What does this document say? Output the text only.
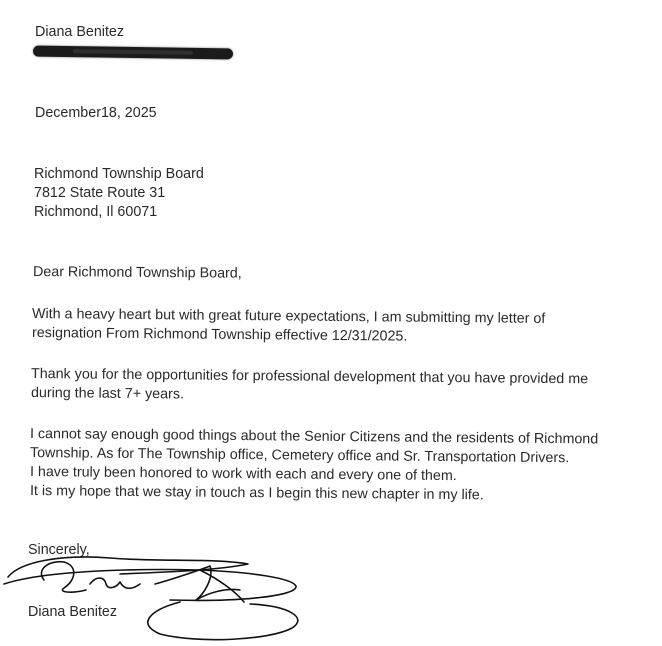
Diana Benitez
December18, 2025
Richmond Township Board
7812 State Route 31
Richmond, Il 60071
Dear Richmond Township Board,
With a heavy heart but with great future expectations, I am submitting my letter of
resignation From Richmond Township effective 12/31/2025.
Thank you for the opportunities for professional development that you have provided me
during the last 7+ years.
I cannot say enough good things about the Senior Citizens and the residents of Richmond
Township. As for The Township office, Cemetery office and Sr. Transportation Drivers.
I have truly been honored to work with each and every one of them.
It is my hope that we stay in touch as I begin this new chapter in my life.
Sincerely,
Diana Benitez
